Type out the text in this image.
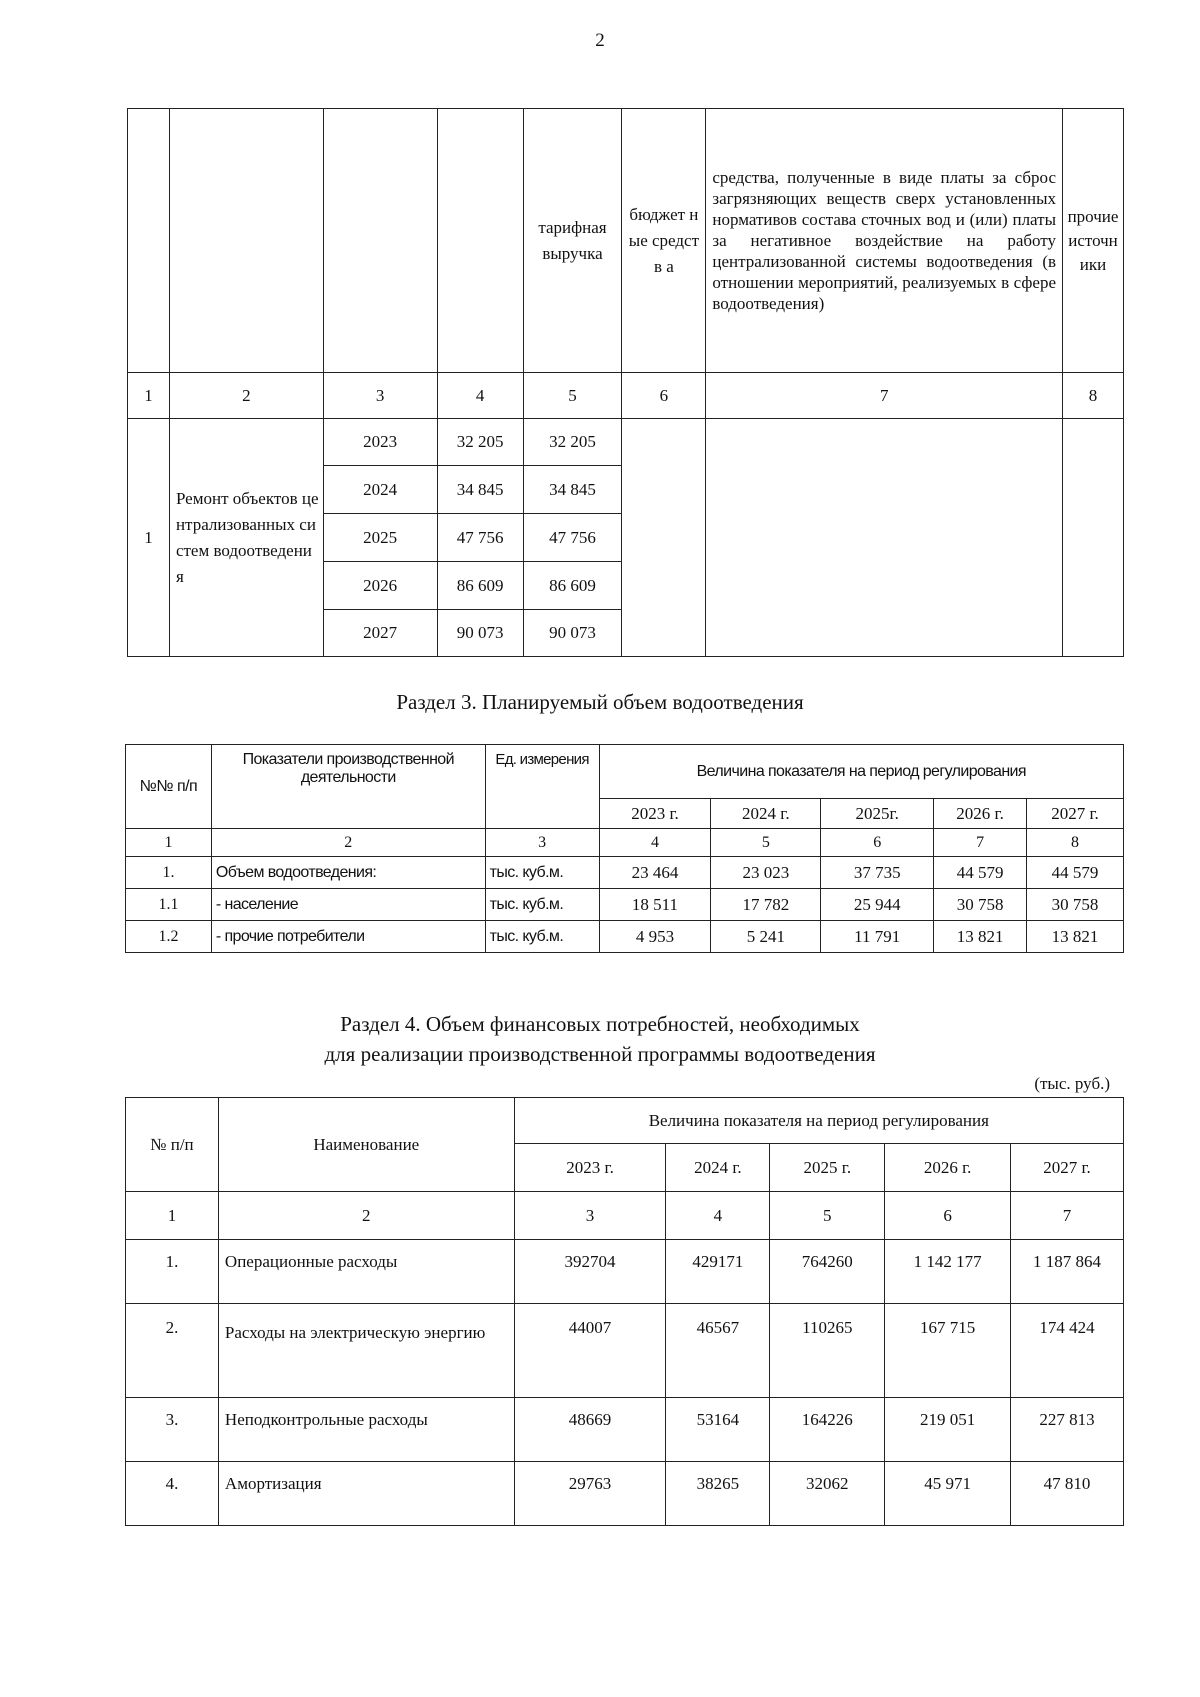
2
				тарифная выручка	бюджет ные средств а	средства, полученные в виде платы за сброс загрязняющих веществ сверх установленных нормативов состава сточных вод и (или) платы за негативное воздействие на работу централизованной системы водоотведения (в отношении мероприятий, реализуемых в сфере водоотведения)	прочие источники
1	2	3	4	5	6	7	8
1	Ремонт объектов централизованных систем водоотведения	2023	32 205	32 205			
		2024	34 845	34 845			
		2025	47 756	47 756			
		2026	86 609	86 609			
		2027	90 073	90 073			
Раздел 3. Планируемый объем водоотведения
№№ п/п	Показатели производственной деятельности	Ед. измерения	Величина показателя на период регулирования				
			2023 г.	2024 г.	2025г.	2026 г.	2027 г.
1	2	3	4	5	6	7	8
1.	Объем водоотведения:	тыс. куб.м.	23 464	23 023	37 735	44 579	44 579
1.1	- население	тыс. куб.м.	18 511	17 782	25 944	30 758	30 758
1.2	- прочие потребители	тыс. куб.м.	4 953	5 241	11 791	13 821	13 821
Раздел 4. Объем финансовых потребностей, необходимых
для реализации производственной программы водоотведения
(тыс. руб.)
№ п/п	Наименование	Величина показателя на период регулирования				
		2023 г.	2024 г.	2025 г.	2026 г.	2027 г.
1	2	3	4	5	6	7
1.	Операционные расходы	392704	429171	764260	1 142 177	1 187 864
2.	Расходы на электрическую энергию	44007	46567	110265	167 715	174 424
3.	Неподконтрольные расходы	48669	53164	164226	219 051	227 813
4.	Амортизация	29763	38265	32062	45 971	47 810
